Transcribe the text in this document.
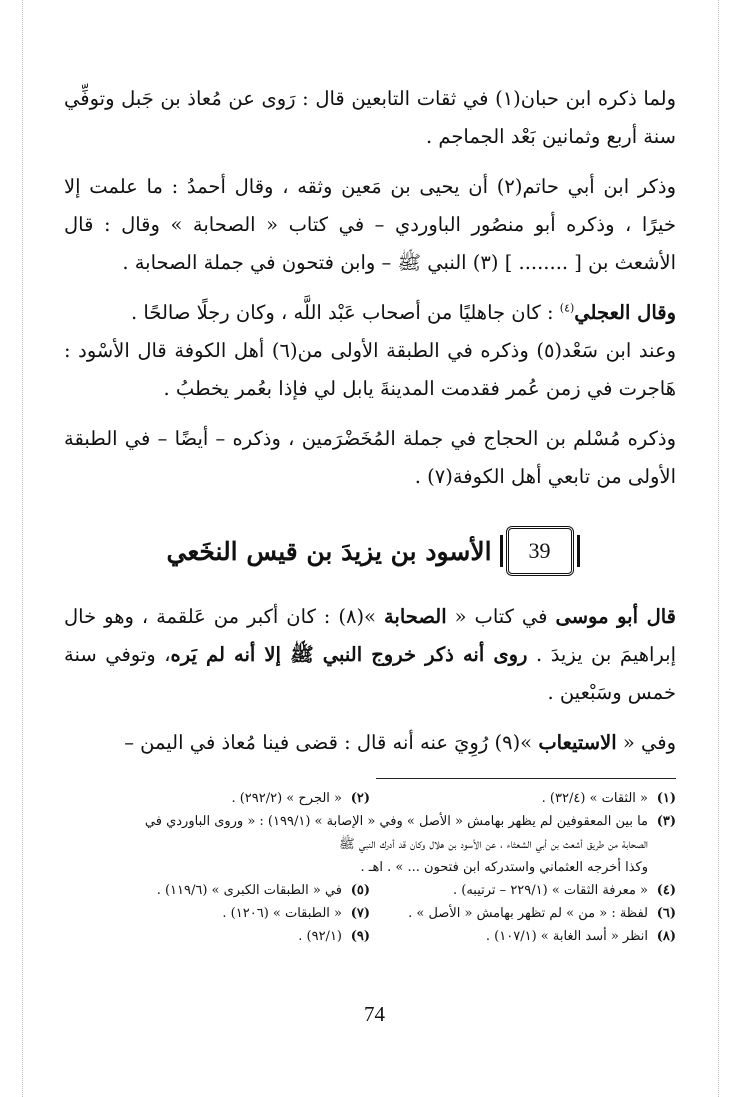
ولما ذكره ابن حبان(١) في ثقات التابعين قال : رَوى عن مُعاذ بن جَبل وتوفِّي سنة أربع وثمانين بَعْد الجماجم .

وذكر ابن أبي حاتم(٢) أن يحيى بن مَعين وثقه ، وقال أحمدُ : ما علمت إلا خيرًا ، وذكره أبو منصُور الباوردي – في كتاب « الصحابة » وقال : قال الأشعث بن [ ........ ] (٣) النبي ﷺ – وابن فتحون في جملة الصحابة .

وقال العجلي$^{(٤)}$ : كان جاهليًا من أصحاب عَبْد اللَّه ، وكان رجلًا صالحًا .

وعند ابن سَعْد(٥) وذكره في الطبقة الأولى من(٦) أهل الكوفة قال الأسْود : هَاجرت في زمن عُمر فقدمت المدينةَ يابل لي فإذا بعُمر يخطبُ .

وذكره مُسْلم بن الحجاج في جملة المُخَضْرَمين ، وذكره – أيضًا – في الطبقة الأولى من تابعي أهل الكوفة(٧) .

39
الأسود بن يزيدَ بن قيس النخَعي

قال أبو موسى في كتاب « الصحابة »(٨) : كان أكبر من عَلقمة ، وهو خال إبراهيمَ بن يزيدَ . روى أنه ذكر خروج النبي ﷺ إلا أنه لم يَره، وتوفي سنة خمس وسَبْعين .

وفي « الاستيعاب »(٩) رُوِيَ عنه أنه قال : قضى فينا مُعاذ في اليمن –

(١)« الثقات » (٣٢/٤) .
(٢)« الجرح » (٢٩٢/٢) .
(٣)
ما بين المعقوفين لم يظهر بهامش « الأصل » وفي « الإصابة » (١٩٩/١) : « وروى الباوردي في
الصحابة من طريق أشعث بن أبي الشعثاء ، عن الأسود بن هلال وكان قد أدرك النبي ﷺ
وكذا أخرجه العثماني واستدركه ابن فتحون ... » . اهـ .
(٤)« معرفة الثقات » (٢٢٩/١ – ترتيبه) .
(٥)في « الطبقات الكبرى » (١١٩/٦) .
(٦)لفظة : « من » لم تظهر بهامش « الأصل » .
(٧)« الطبقات » (١٢٠٦) .
(٨)انظر « أسد الغابة » (١٠٧/١) .
(٩)(٩٢/١) .
74
